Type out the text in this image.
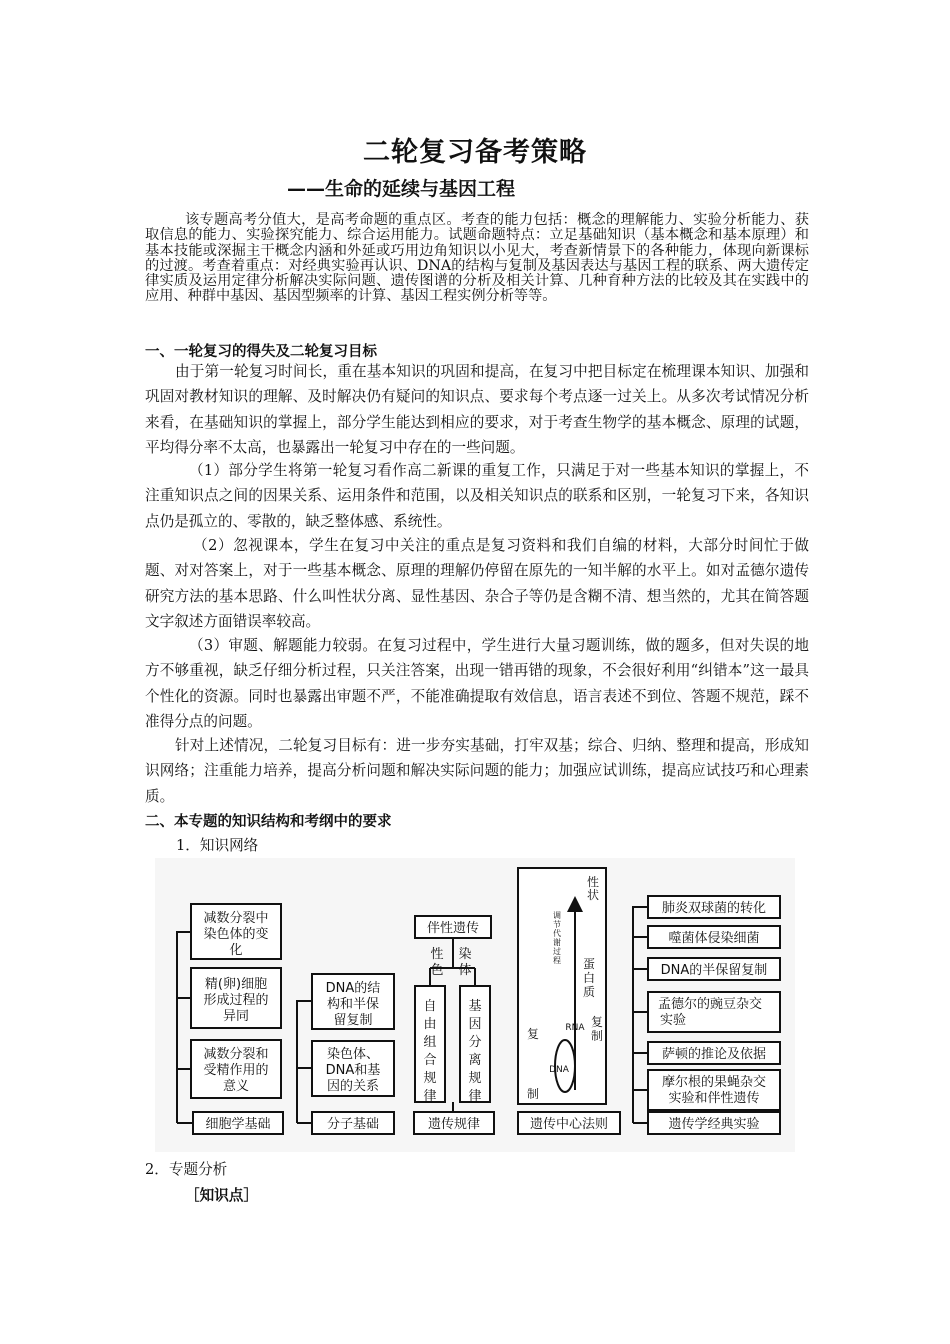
二轮复习备考策略
——生命的延续与基因工程
该专题高考分值大，是高考命题的重点区。考查的能力包括：概念的理解能力、实验分析能力、获取信息的能力、实验探究能力、综合运用能力。试题命题特点：立足基础知识（基本概念和基本原理）和基本技能或深掘主干概念内涵和外延或巧用边角知识以小见大，考查新情景下的各种能力，体现向新课标的过渡。考查着重点：对经典实验再认识、DNA的结构与复制及基因表达与基因工程的联系、两大遗传定律实质及运用定律分析解决实际问题、遗传图谱的分析及相关计算、几种育种方法的比较及其在实践中的应用、种群中基因、基因型频率的计算、基因工程实例分析等等。
一、一轮复习的得失及二轮复习目标
由于第一轮复习时间长，重在基本知识的巩固和提高，在复习中把目标定在梳理课本知识、加强和巩固对教材知识的理解、及时解决仍有疑问的知识点、要求每个考点逐一过关上。从多次考试情况分析来看，在基础知识的掌握上，部分学生能达到相应的要求，对于考查生物学的基本概念、原理的试题，平均得分率不太高，也暴露出一轮复习中存在的一些问题。
（1）部分学生将第一轮复习看作高二新课的重复工作，只满足于对一些基本知识的掌握上，不注重知识点之间的因果关系、运用条件和范围，以及相关知识点的联系和区别，一轮复习下来，各知识点仍是孤立的、零散的，缺乏整体感、系统性。
（2）忽视课本，学生在复习中关注的重点是复习资料和我们自编的材料，大部分时间忙于做题、对对答案上，对于一些基本概念、原理的理解仍停留在原先的一知半解的水平上。如对孟德尔遗传研究方法的基本思路、什么叫性状分离、显性基因、杂合子等仍是含糊不清、想当然的，尤其在简答题文字叙述方面错误率较高。
（3）审题、解题能力较弱。在复习过程中，学生进行大量习题训练，做的题多，但对失误的地方不够重视，缺乏仔细分析过程，只关注答案，出现一错再错的现象，不会很好利用“纠错本”这一最具个性化的资源。同时也暴露出审题不严，不能准确提取有效信息，语言表述不到位、答题不规范，踩不准得分点的问题。
针对上述情况，二轮复习目标有：进一步夯实基础，打牢双基；综合、归纳、整理和提高，形成知识网络；注重能力培养，提高分析问题和解决实际问题的能力；加强应试训练，提高应试技巧和心理素质。
二、本专题的知识结构和考纲中的要求
1．知识网络
减数分裂中染色体的变化
精(卵)细胞形成过程的异同
减数分裂和受精作用的意义
细胞学基础
DNA的结构和半保留复制
染色体、 DNA和基因的关系
分子基础
伴性遗传
性色
染体
自由组合规律
基因分离规律
遗传规律
性状
调节代谢过程 蛋白质
DNA
RNA
复制
复制
遗传中心法则
肺炎双球菌的转化
噬菌体侵染细菌
DNA的半保留复制
孟德尔的豌豆杂交实验
萨顿的推论及依据
摩尔根的果蝇杂交实验和伴性遗传
遗传学经典实验
2．专题分析
［知识点］
